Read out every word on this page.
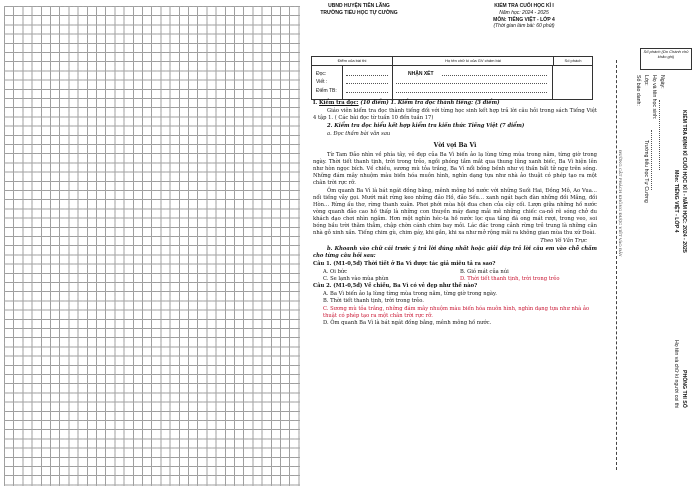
UBND HUYỆN TIÊN LÃNG
TRƯỜNG TIỂU HỌC TỰ CƯỜNG
KIỂM TRA CUỐI HỌC KÌ I
Năm học: 2024 - 2025
MÔN: TIẾNG VIỆT - LỚP 4
(Thời gian làm bài: 60 phút)
Điểm của bài thi	Họ tên chữ kí của GV chấm bài	Số phách
Đọc:
Viết :
Điểm TB:
NHẬN XÉT

I. Kiểm tra đọc: (10 điểm) 1. Kiểm tra đọc thành tiếng: (3 điểm)

Giáo viên kiểm tra đọc thành tiếng đối với từng học sinh kết hợp trả lời câu hỏi trong sách Tiếng Việt 4 tập 1. ( Các bài đọc từ tuần 10 đến tuần 17)

2. Kiểm tra đọc hiểu kết hợp kiểm tra kiến thức Tiếng Việt (7 điểm)

a. Đọc thầm bài văn sau

Vời vợi Ba Vì

Từ Tam Đảo nhìn về phía tây, vẻ đẹp của Ba Vì biến ảo lạ lùng từng mùa trong năm, từng giờ trong ngày. Thời tiết thanh tịnh, trời trong trẻo, ngồi phóng tầm mắt qua thung lũng xanh biếc, Ba Vì hiện lên như hòn ngọc bích. Về chiều, sương mù tỏa trắng, Ba Vì nổi bồng bềnh như vị thần bất tử ngự trên sóng. Những đám mây nhuộm màu biến hóa muôn hình, nghìn dạng tựa như nhà ảo thuật có phép tạo ra một chân trời rực rỡ.

Ôm quanh Ba Vì là bát ngát đồng bằng, mênh mông hồ nước với những Suối Hai, Đồng Mô, Ao Vua… nổi tiếng vẫy gọi. Mướt mát rừng keo những đảo Hồ, đảo Sếu… xanh ngát bạch đàn những đồi Măng, đồi Hòn… Rừng ấu thơ, rừng thanh xuân. Phơi phới mùa hội đua chen của cây cối. Lượn giữa những hồ nước vòng quanh đảo cao hồ thấp là những con thuyền máy đang mải mê những chiếc ca-nô rẽ sóng chở du khách dạo chơi nhìn ngắm. Hơn một nghìn héc-ta hồ nước lọc qua tầng đá ong mát rượi, trong veo, soi bóng bầu trời thăm thẳm, chập chờn cánh chim bay mỏi. Lác đác trong cảnh rừng trẻ trung là những căn nhà gỗ xinh xắn. Tiếng chim gù, chim gáy, khi gần, khi xa như mở rộng mãi ra không gian mùa thu xứ Đoài.

Theo Võ Văn Trực

b. Khoanh vào chữ cái trước ý trả lời đúng nhất hoặc giải đáp trả lời câu em vào chỗ chấm cho từng câu hỏi sau:

Câu 1. (M1-0,5đ) Thời tiết ở Ba Vì được tác giả miêu tả ra sao?

A. Oi bức	B. Gió mát của núi
C. Se lạnh vào mùa phùn	D. Thời tiết thanh tịnh, trời trong trẻo

Câu 2. (M1-0,5đ) Về chiều, Ba Vì có vẻ đẹp như thế nào?

A. Ba Vì biến ảo lạ lùng từng mùa trong năm, từng giờ trong ngày.
B. Thời tiết thanh tịnh, trời trong trẻo.
C. Sương mù tỏa trắng, những đám mây nhuộm màu biến hóa muôn hình, nghìn dạng tựa như nhà ảo thuật có phép tạo ra một chân trời rực rỡ.
D. Ôm quanh Ba Vì là bát ngát đồng bằng, mênh mông hồ nước.
ĐƯỜNG CẮT PHÁCH KHÔNG ĐƯỢC VIẾT VÀO ĐÂY
Số phách (Do Chánh chủ khảo ghi)
KIỂM TRA ĐỊNH KÌ CUỐI HỌC KÌ I - NĂM HỌC: 2024 - 2025
Môn: TIẾNG VIỆT - LỚP 4
PHÒNG THI SỐ
Họ tên và chữ kí người coi thi
Ngày:
Họ và tên học sinh:
Lớp:
Số báo danh:
Trường tiểu học Tự Cường
